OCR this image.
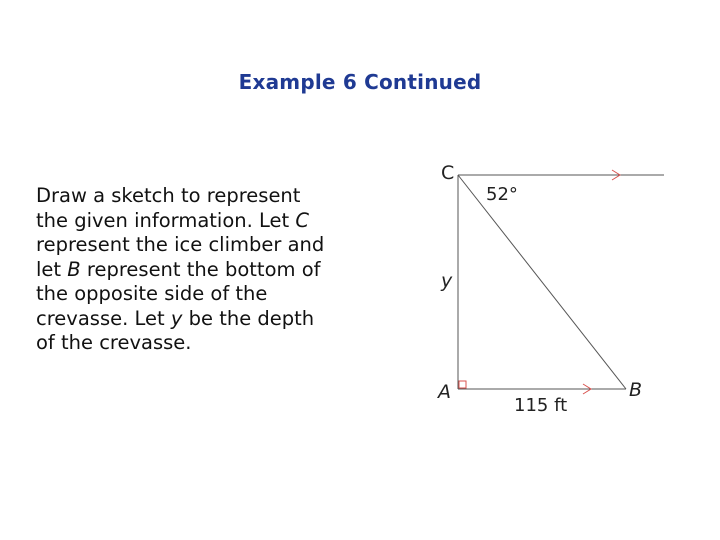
Example 6 Continued
Draw a sketch to represent
the given information. Let C
represent the ice climber and
let B represent the bottom of
the opposite side of the
crevasse. Let y be the depth
of the crevasse.
C
A	B
y
52°
115 ft
